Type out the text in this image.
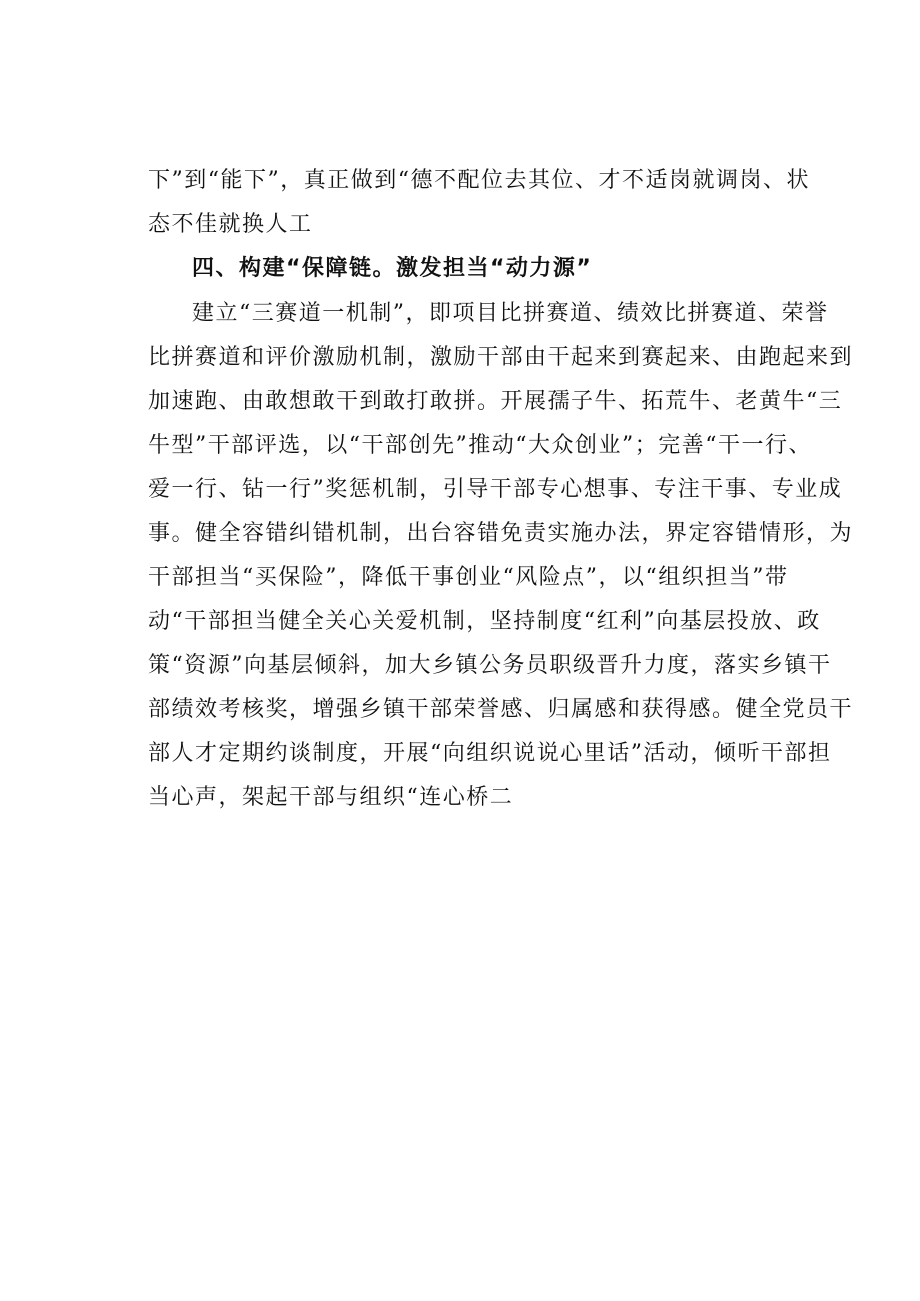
下”到“能下”，真正做到“德不配位去其位、才不适岗就调岗、状
态不佳就换人工
四、构建“保障链。激发担当“动力源”
建立“三赛道一机制”，即项目比拼赛道、绩效比拼赛道、荣誉
比拼赛道和评价激励机制，激励干部由干起来到赛起来、由跑起来到
加速跑、由敢想敢干到敢打敢拼。开展孺子牛、拓荒牛、老黄牛“三
牛型”干部评选，以“干部创先”推动“大众创业”；完善“干一行、
爱一行、钻一行”奖惩机制，引导干部专心想事、专注干事、专业成
事。健全容错纠错机制，出台容错免责实施办法，界定容错情形，为
干部担当“买保险”，降低干事创业“风险点”，以“组织担当”带
动“干部担当健全关心关爱机制，坚持制度“红利”向基层投放、政
策“资源”向基层倾斜，加大乡镇公务员职级晋升力度，落实乡镇干
部绩效考核奖，增强乡镇干部荣誉感、归属感和获得感。健全党员干
部人才定期约谈制度，开展“向组织说说心里话”活动，倾听干部担
当心声，架起干部与组织“连心桥二
